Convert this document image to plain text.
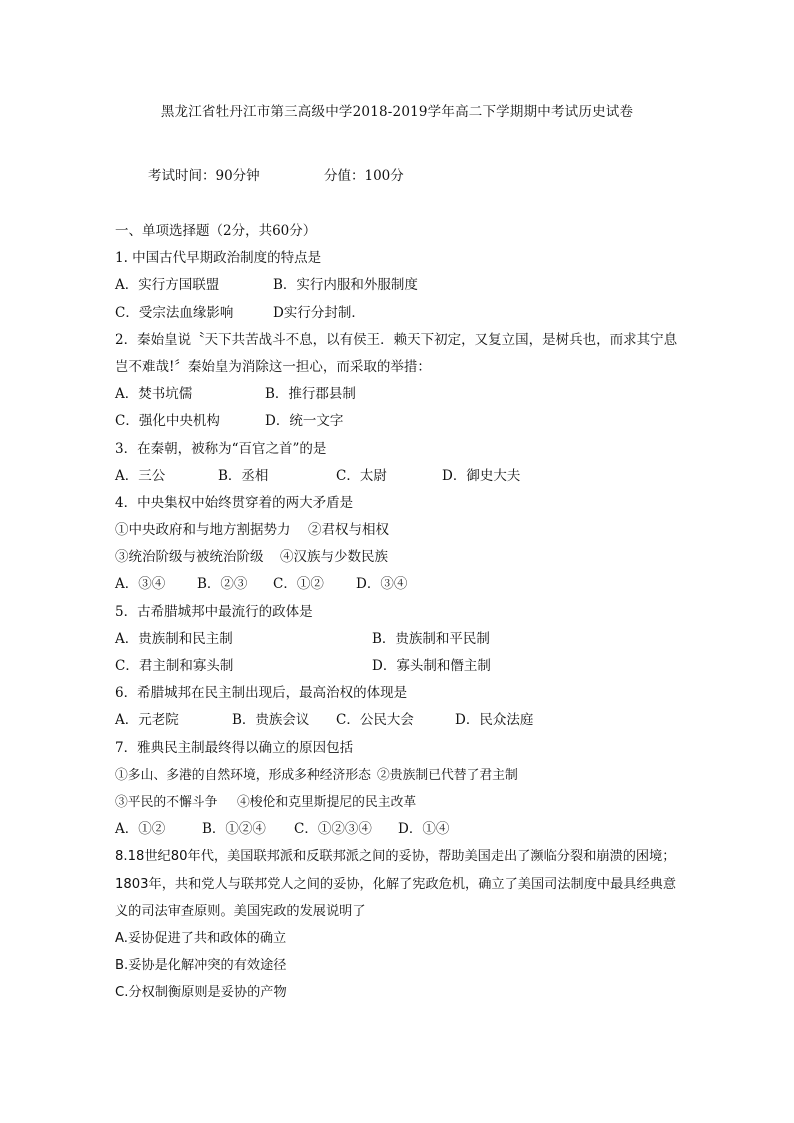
黑龙江省牡丹江市第三高级中学2018-2019学年高二下学期期中考试历史试卷
考试时间：90分钟	分值：100分
一、单项选择题（2分，共60分）
1. 中国古代早期政治制度的特点是
A．实行方国联盟	B．实行内服和外服制度
C．受宗法血缘影响	D实行分封制．
2．秦始皇说〝天下共苦战斗不息，以有侯王．赖天下初定，又复立国，是树兵也，而求其宁息岂不难哉!〞秦始皇为消除这一担心，而采取的举措：
A．焚书坑儒	B．推行郡县制
C．强化中央机构	D．统一文字
3．在秦朝，被称为“百官之首”的是
A．三公	B．丞相	C．太尉	D．御史大夫
4．中央集权中始终贯穿着的两大矛盾是
①中央政府和与地方割据势力 ②君权与相权
③统治阶级与被统治阶级 ④汉族与少数民族
A．③④ B．②③ C．①② D．③④
5．古希腊城邦中最流行的政体是
A．贵族制和民主制	B．贵族制和平民制
C．君主制和寡头制	D．寡头制和僭主制
6．希腊城邦在民主制出现后，最高治权的体现是
A．元老院	B．贵族会议 C．公民大会	D．民众法庭
7．雅典民主制最终得以确立的原因包括
①多山、多港的自然环境，形成多种经济形态 ②贵族制已代替了君主制
③平民的不懈斗争 ④梭伦和克里斯提尼的民主改革
A．①②	B．①②④ C．①②③④ D．①④
8.18世纪80年代，美国联邦派和反联邦派之间的妥协，帮助美国走出了濒临分裂和崩溃的困境；1803年，共和党人与联邦党人之间的妥协，化解了宪政危机，确立了美国司法制度中最具经典意义的司法审查原则。美国宪政的发展说明了
A.妥协促进了共和政体的确立
B.妥协是化解冲突的有效途径
C.分权制衡原则是妥协的产物
